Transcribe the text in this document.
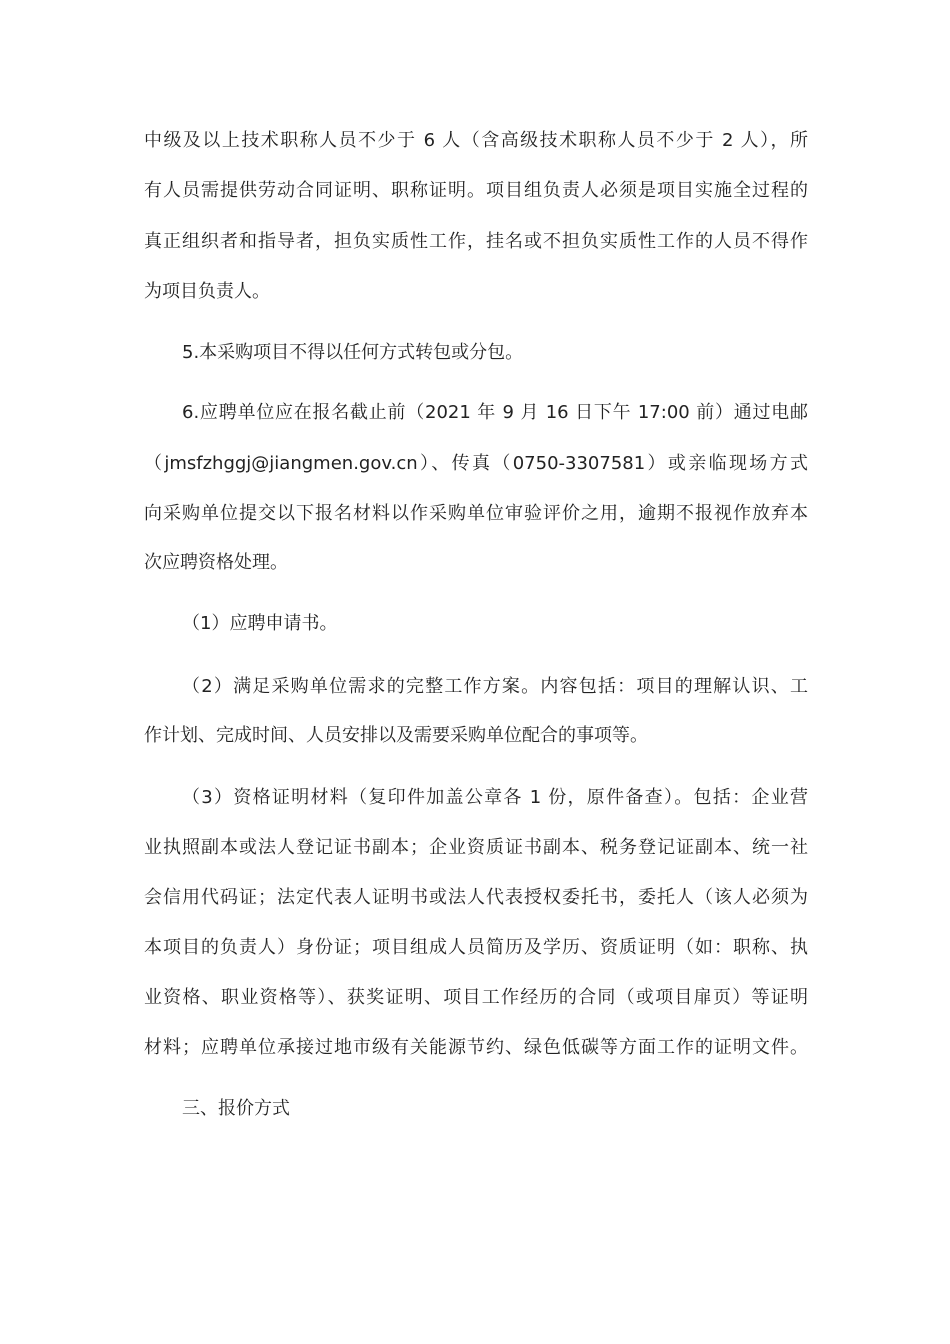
中级及以上技术职称人员不少于 6 人（含高级技术职称人员不少于 2 人），所
有人员需提供劳动合同证明、职称证明。项目组负责人必须是项目实施全过程的
真正组织者和指导者，担负实质性工作，挂名或不担负实质性工作的人员不得作
为项目负责人。
5.本采购项目不得以任何方式转包或分包。
6.应聘单位应在报名截止前（2021 年 9 月 16 日下午 17:00 前）通过电邮
（jmsfzhggj@jiangmen.gov.cn）、传真（0750-3307581）或亲临现场方式
向采购单位提交以下报名材料以作采购单位审验评价之用，逾期不报视作放弃本
次应聘资格处理。
（1）应聘申请书。
（2）满足采购单位需求的完整工作方案。内容包括：项目的理解认识、工
作计划、完成时间、人员安排以及需要采购单位配合的事项等。
（3）资格证明材料（复印件加盖公章各 1 份，原件备查）。包括：企业营
业执照副本或法人登记证书副本；企业资质证书副本、税务登记证副本、统一社
会信用代码证；法定代表人证明书或法人代表授权委托书，委托人（该人必须为
本项目的负责人）身份证；项目组成人员简历及学历、资质证明（如：职称、执
业资格、职业资格等）、获奖证明、项目工作经历的合同（或项目扉页）等证明
材料；应聘单位承接过地市级有关能源节约、绿色低碳等方面工作的证明文件。
三、报价方式
